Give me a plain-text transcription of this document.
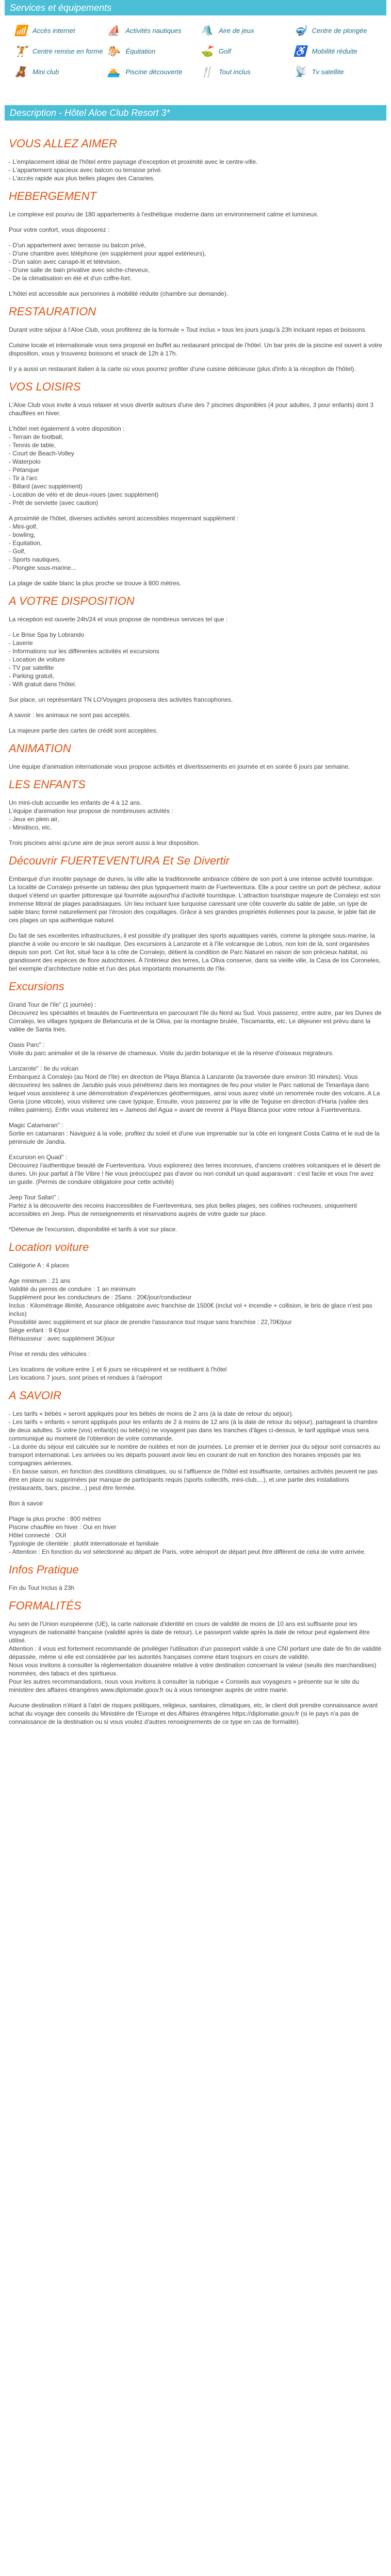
Services et équipements
📶 Accès internet	⛵ Activités nautiques 🛝 Aire de jeux	🤿 Centre de plongée
🏋 Centre remise en forme 🐎 Équitation	⛳ Golf	♿ Mobilité réduite
🧸 Mini club	🏊 Piscine découverte 🍴 Tout inclus	📡 Tv satellite
Description - Hôtel Aloe Club Resort 3*
VOUS ALLEZ AIMER

- L'emplacement idéal de l'hôtel entre paysage d'exception et proximité avec le centre-ville.
- L'appartement spacieux avec balcon ou terrasse privé.
- L'accès rapide aux plus belles plages des Canaries.

HEBERGEMENT

Le complexe est pourvu de 180 appartements à l'esthétique moderne dans un environnement calme et lumineux.

Pour votre confort, vous disposerez :

- D'un appartement avec terrasse ou balcon privé,
- D'une chambre avec téléphone (en supplément pour appel extérieurs),
- D'un salon avec canapé-lit et télévision,
- D'une salle de bain privative avec sèche-cheveux,
- De la climatisation en été et d'un coffre-fort.

L'hôtel est accessible aux personnes à mobilité réduite (chambre sur demande).

RESTAURATION

Durant votre séjour à l'Aloe Club, vous profiterez de la formule « Tout inclus » tous les jours jusqu'à 23h incluant repas et boissons.

Cuisine locale et internationale vous sera proposé en buffet au restaurant principal de l'hôtel. Un bar près de la piscine est ouvert à votre disposition, vous y trouverez boissons et snack de 12h à 17h.

Il y a aussi un restaurant italien à la carte où vous pourrez profiter d'une cuisine délicieuse (plus d'info à la réception de l'hôtel).

VOS LOISIRS

L'Aloe Club vous invite à vous relaxer et vous divertir autours d'une des 7 piscines disponibles (4 pour adultes, 3 pour enfants) dont 3 chauffées en hiver.

L'hôtel met également à votre disposition :
- Terrain de football,
- Tennis de table,
- Court de Beach-Volley
- Waterpolo
- Pétanque
- Tir à l'arc
- Billard (avec supplément)
- Location de vélo et de deux-roues (avec supplément)
- Prêt de serviette (avec caution)

A proximité de l'hôtel, diverses activités seront accessibles moyennant supplément :
- Mini-golf,
- bowling,
- Equitation,
- Golf,
- Sports nautiques,
- Plongée sous-marine...

La plage de sable blanc la plus proche se trouve à 800 mètres.

A VOTRE DISPOSITION

La réception est ouverte 24h/24 et vous propose de nombreux services tel que :

- Le Brise Spa by Lobrando
- Laverie
- Informations sur les différentes activités et excursions
- Location de voiture
- TV par satellite
- Parking gratuit,
- Wifi gratuit dans l'hôtel.

Sur place, un représentant TN LO'Voyages proposera des activités francophones.

A savoir : les animaux ne sont pas acceptés.

La majeure partie des cartes de crédit sont acceptées.

ANIMATION

Une équipe d'animation internationale vous propose activités et divertissements en journée et en soirée 6 jours par semaine.

LES ENFANTS

Un mini-club accueille les enfants de 4 à 12 ans.
L'équipe d'animation leur propose de nombreuses activités :
- Jeux en plein air,
- Minidisco, etc.

Trois piscines ainsi qu'une aire de jeux seront aussi à leur disposition.

Découvrir FUERTEVENTURA Et Se Divertir

Embarqué d'un insolite paysage de dunes, la ville allie la traditionnelle ambiance côtière de son port à une intense activité touristique. La localité de Corralejo présente un tableau des plus typiquement marin de Fuerteventura. Elle a pour centre un port de pêcheur, autour duquel s'étend un quartier pittoresque qui fourmille aujourd'hui d'activité touristique. L'attraction touristique majeure de Corralejo est son immense littoral de plages paradisiaques. Un lieu incluant luxe turquoise caressant une côte couverte du sable de jable, un type de sable blanc formé naturellement par l'érosion des coquillages. Grâce à ses grandes propriétés éoliennes pour la pause, le jable fait de ces plages un spa authentique naturel.

Du fait de ses excellentes infrastructures, il est possible d'y pratiquer des sports aquatiques variés, comme la plongée sous-marine, la planche à voile ou encore le ski nautique. Des excursions à Lanzarote et à l'île volcanique de Lobos, non loin de là, sont organisées depuis son port. Cet îlot, situé face à la côte de Corralejo, détient la condition de Parc Naturel en raison de son précieux habitat, où grandissent des espèces de flore autochtones. À l'intérieur des terres, La Oliva conserve, dans sa vieille ville, la Casa de los Coroneles, bel exemple d'architecture noble et l'un des plus importants monuments de l'île.

Excursions

Grand Tour de l'île" (1 journée) :
Découvrez les spécialités et beautés de Fuerteventura en parcourant l'île du Nord au Sud. Vous passerez, entre autre, par les Dunes de Corralejo, les villages typiques de Betancuria et de la Oliva, par la montagne brulée, Tiscamanita, etc. Le déjeuner est prévu dans la vallée de Santa Inés.

Oasis Parc" :
Visite du parc animalier et de la réserve de chameaux. Visite du jardin botanique et de la réserve d'oiseaux migrateurs.

Lanzarote" : Ile du volcan
Embarquez à Corralejo (au Nord de l'île) en direction de Playa Blanca à Lanzarote (la traversée dure environ 30 minutes). Vous découvrirez les salines de Janubio puis vous pénétrerez dans les montagnes de feu pour visiter le Parc national de Timanfaya dans lequel vous assisterez à une démonstration d'expériences géothermiques, ainsi vous aurez visité un renommée route des volcans. A La Geria (zone viticole), vous visiterez une cave typique. Ensuite, vous passerez par la ville de Teguise en direction d'Haria (vallée des milles palmiers). Enfin vous visiterez les « Jameos del Agua » avant de revenir à Playa Blanca pour votre retour à Fuerteventura.

Magic Catamaran" :
Sortie en catamaran : Naviguez à la voile, profitez du soleil et d'une vue imprenable sur la côte en longeant Costa Calma et le sud de la péninsule de Jandía.

Excursion en Quad" :
Découvrez l'authentique beauté de Fuerteventura. Vous explorerez des terres inconnues, d'anciens cratères volcaniques et le désert de dunes. Un jour parfait à l'île Vibre ! Ne vous préoccupez pas d'avoir ou non conduit un quad auparavant : c'est facile et vous l'ne avez un guide. (Permis de conduire obligatoire pour cette activité)

Jeep Tour Safari" :
Partez à la découverte des recoins inaccessibles de Fuerteventura, ses plus belles plages, ses collines rocheuses, uniquement accessibles en Jeep. Plus de renseignements et réservations auprès de votre guide sur place.

*Détenue de l'excursion, disponibilité et tarifs à voir sur place.

Location voiture

Catégorie A : 4 places

Age minimum : 21 ans
Validité du permis de conduire : 1 an minimum
Supplément pour les conducteurs de : 25ans : 20€/jour/conducteur
Inclus : Kilométrage illimité, Assurance obligatoire avec franchise de 1500€ (inclut vol + incendie + collision, le bris de glace n'est pas inclus)
Possibilité avec supplément et sur place de prendre l'assurance tout risque sans franchise : 22,70€/jour
Siège enfant : 9 €/jour
Réhausseur : avec supplément 3€/jour

Prise et rendu des véhicules :

Les locations de voiture entre 1 et 6 jours se récupèrent et se restituent à l'hôtel
Les locations 7 jours, sont prises et rendues à l'aéroport

A SAVOIR

- Les tarifs « bébés » seront appliqués pour les bébés de moins de 2 ans (à la date de retour du séjour).
- Les tarifs « enfants » seront appliqués pour les enfants de 2 à moins de 12 ans (à la date de retour du séjour), partageant la chambre de deux adultes. Si votre (vos) enfant(s) ou bébé(s) ne voyagent pas dans les tranches d'âges ci-dessus, le tarif appliqué vous sera communiqué au moment de l'obtention de votre commande.
- La durée du séjour est calculée sur le nombre de nuitées et non de journées. Le premier et le dernier jour du séjour sont consacrés au transport international. Les arrivées ou les départs pouvant avoir lieu en courant de nuit en fonction des horaires imposés par les compagnies aériennes.
- En basse saison, en fonction des conditions climatiques, ou si l'affluence de l'hôtel est insuffisante, certaines activités peuvent ne pas être en place ou supprimées par manque de participants requis (sports collectifs, mini-club,...), et une partie des installations (restaurants, bars, piscine...) peut être fermée.

Bon à savoir

Plage la plus proche : 800 mètres
Piscine chauffée en hiver : Oui en hiver
Hôtel connecté : OUI
Typologie de clientèle : plutôt internationale et familiale
- Attention : En fonction du vol sélectionné au départ de Paris, votre aéroport de départ peut être différent de celui de votre arrivée.

Infos Pratique

Fin du Tout Inclus à 23h

FORMALITÉS

Au sein de l'Union européenne (UE), la carte nationale d'identité en cours de validité de moins de 10 ans est suffisante pour les voyageurs de nationalité française (validité après la date de retour). Le passeport valide après la date de retour peut également être utilisé.
Attention : il vous est fortement recommandé de privilégier l'utilisation d'un passeport valide à une CNI portant une date de fin de validité dépassée, même si elle est considérée par les autorités françaises comme étant toujours en cours de validité.
Nous vous invitons à consulter la réglementation douanière relative à votre destination concernant la valeur (seuils des marchandises) nommées, des tabacs et des spiritueux.
Pour les autres recommandations, nous vous invitons à consulter la rubrique « Conseils aux voyageurs » présente sur le site du ministère des affaires étrangères www.diplomatie.gouv.fr ou à vous renseigner auprès de votre mairie.

Aucune destination n'étant à l'abri de risques politiques, religieux, sanitaires, climatiques, etc, le client doit prendre connaissance avant achat du voyage des conseils du Ministère de l'Europe et des Affaires étrangères https://diplomatie.gouv.fr (si le pays n'a pas de connaissance de la destination ou si vous voulez d'autres renseignements de ce type en cas de formalité).
